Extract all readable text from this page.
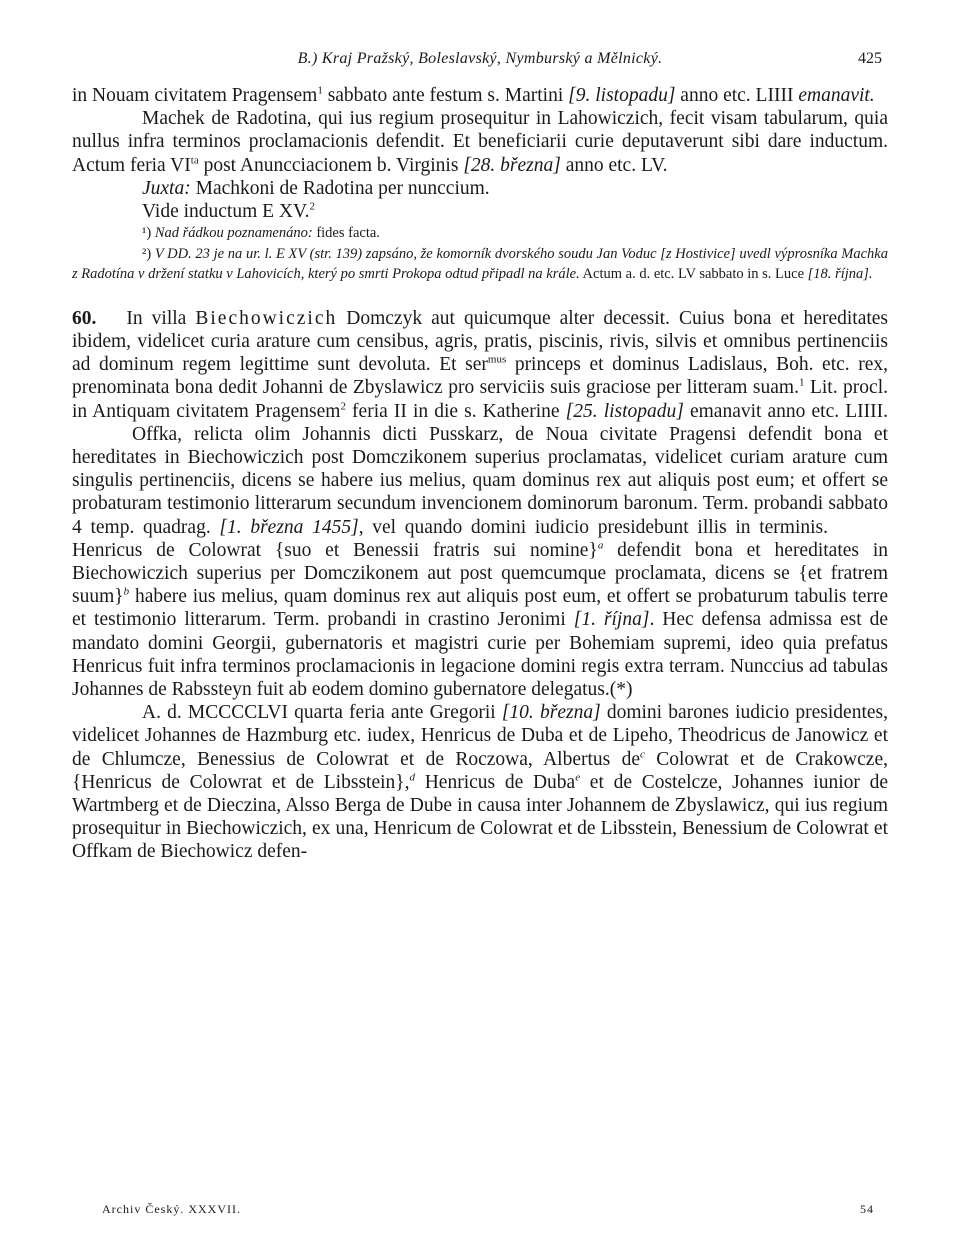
B.) Kraj Pražský, Boleslavský, Nymburský a Mělnický.	425

in Nouam civitatem Pragensem$^1$ sabbato ante festum s. Martini [9. listopadu] anno etc. LIIII emanavit.

Machek de Radotina, qui ius regium prosequitur in Lahowiczich, fecit visam tabularum, quia nullus infra terminos proclamacionis defendit. Et beneficiarii curie deputaverunt sibi dare inductum. Actum feria $VI^{ta}$ post Anuncciacionem b. Virginis [28. března] anno etc. LV.

Juxta: Machkoni de Radotina per nunccium.

Vide inductum E XV.$^2$

¹) Nad řádkou poznamenáno: fides facta.

²) V DD. 23 je na ur. l. E XV (str. 139) zapsáno, že komorník dvorského soudu Jan Voduc [z Hostivice] uvedl výprosníka Machka z Radotína v držení statku v Lahovicích, který po smrti Prokopa odtud připadl na krále. Actum a. d. etc. LV sabbato in s. Luce [18. října].

60. In villa Biechowiczich Domczyk aut quicumque alter decessit. Cuius bona et hereditates ibidem, videlicet curia arature cum censibus, agris, pratis, piscinis, rivis, silvis et omnibus pertinenciis ad dominum regem legittime sunt devoluta. Et ser$^{mus}$ princeps et dominus Ladislaus, Boh. etc. rex, prenominata bona dedit Johanni de Zbyslawicz pro serviciis suis graciose per litteram suam.$^1$ Lit. procl. in Antiquam civitatem Pragensem$^2$ feria II in die s. Katherine [25. listopadu] emanavit anno etc. LIIII.Offka, relicta olim Johannis dicti Pusskarz, de Noua civitate Pragensi defendit bona et hereditates in Biechowiczich post Domczikonem superius proclamatas, videlicet curiam arature cum singulis pertinenciis, dicens se habere ius melius, quam dominus rex aut aliquis post eum; et offert se probaturam testimonio litterarum secundum invencionem dominorum baronum. Term. probandi sabbato 4 temp. quadrag. [1. března 1455], vel quando domini iudicio presidebunt illis in terminis.Henricus de Colowrat {suo et Benessii fratris sui nomine}$^a$ defendit bona et hereditates in Biechowiczich superius per Domczikonem aut post quemcumque proclamata, dicens se {et fratrem suum}$^b$ habere ius melius, quam dominus rex aut aliquis post eum, et offert se probaturum tabulis terre et testimonio litterarum. Term. probandi in crastino Jeronimi [1. října]. Hec defensa admissa est de mandato domini Georgii, gubernatoris et magistri curie per Bohemiam supremi, ideo quia prefatus Henricus fuit infra terminos proclamacionis in legacione domini regis extra terram. Nunccius ad tabulas Johannes de Rabssteyn fuit ab eodem domino gubernatore delegatus.(*)

A. d. MCCCCLVI quarta feria ante Gregorii [10. března] domini barones iudicio presidentes, videlicet Johannes de Hazmburg etc. iudex, Henricus de Duba et de Lipeho, Theodricus de Janowicz et de Chlumcze, Benessius de Colowrat et de Roczowa, Albertus $de^c$ Colowrat et de Crakowcze, {Henricus de Colowrat et de Libsstein},$^d$ Henricus de Duba$^e$ et de Costelcze, Johannes iunior de Wartmberg et de Dieczina, Alsso Berga de Dube in causa inter Johannem de Zbyslawicz, qui ius regium prosequitur in Biechowiczich, ex una, Henricum de Colowrat et de Libsstein, Benessium de Colowrat et Offkam de Biechowicz defen-

Archiv Český. XXXVII.	54
